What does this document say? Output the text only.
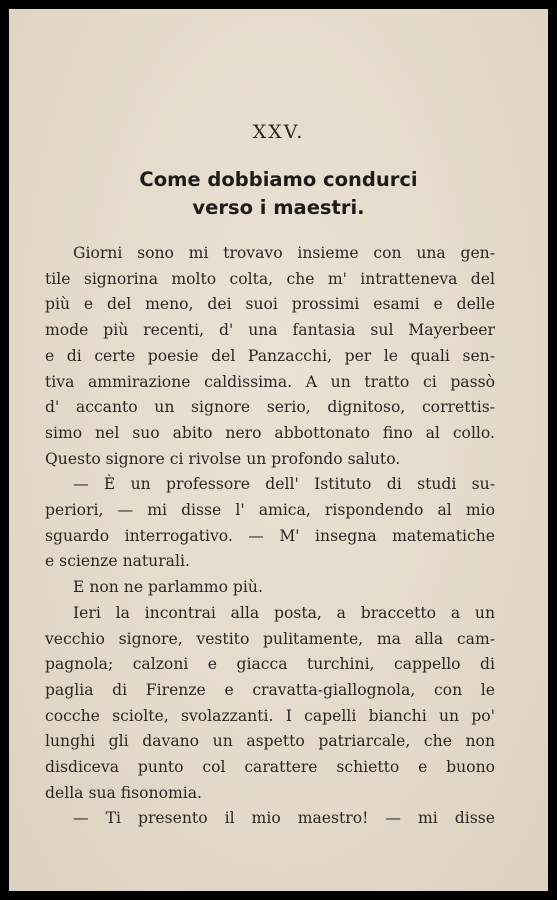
XXV.
Come dobbiamo condurci
verso i maestri.
Giorni sono mi trovavo insieme con una gen-
tile signorina molto colta, che m' intratteneva del
più e del meno, dei suoi prossimi esami e delle
mode più recenti, d' una fantasia sul Mayerbeer
e di certe poesie del Panzacchi, per le quali sen-
tiva ammirazione caldissima. A un tratto ci passò
d' accanto un signore serio, dignitoso, correttis-
simo nel suo abito nero abbottonato fino al collo.
Questo signore ci rivolse un profondo saluto.
— È un professore dell' Istituto di studi su-
periori, — mi disse l' amica, rispondendo al mio
sguardo interrogativo. — M' insegna matematiche
e scienze naturali.
E non ne parlammo più.
Ieri la incontrai alla posta, a braccetto a un
vecchio signore, vestito pulitamente, ma alla cam-
pagnola; calzoni e giacca turchini, cappello di
paglia di Firenze e cravatta-giallognola, con le
cocche sciolte, svolazzanti. I capelli bianchi un po'
lunghi gli davano un aspetto patriarcale, che non
disdiceva punto col carattere schietto e buono
della sua fisonomia.
— Ti presento il mio maestro! — mi disse
